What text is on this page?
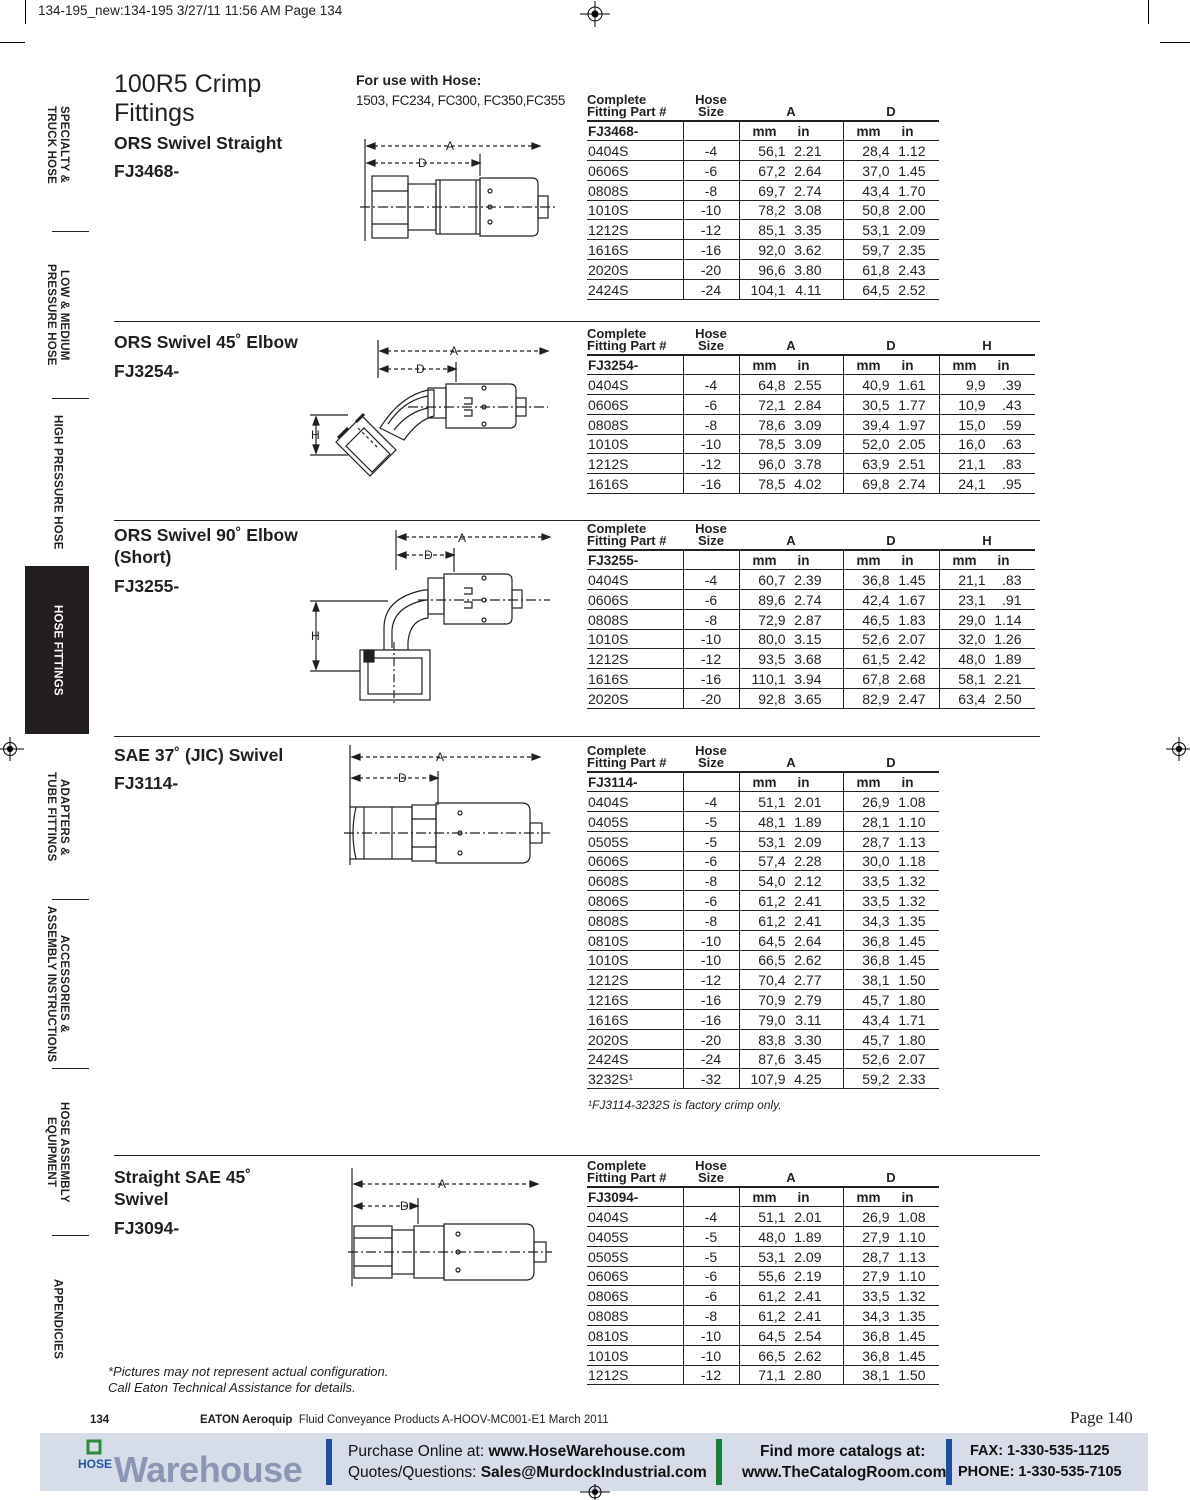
134-195_new:134-195 3/27/11 11:56 AM Page 134
SPECIALTY &
TRUCK HOSE
LOW & MEDIUM
PRESSURE HOSE
HIGH PRESSURE HOSE
HOSE FITTINGS
ADAPTERS &
TUBE FITTINGS
ACCESSORIES &
ASSEMBLY INSTRUCTIONS
HOSE ASSEMBLY
EQUIPMENT
APPENDICIES
100R5 Crimp
Fittings
For use with Hose:
1503, FC234, FC300, FC350,FC355
ORS Swivel Straight
FJ3468-
ORS Swivel 45˚ Elbow
FJ3254-
ORS Swivel 90˚ Elbow
(Short)
FJ3255-
SAE 37˚ (JIC) Swivel
FJ3114-
Straight SAE 45˚
Swivel
FJ3094-
A
D
A
D
H
A
D
H
A
D
A
D
Complete
Fitting Part #	Hose
Size	A	D
FJ3468-		mm in	mm in
0404S	-4	56,1 2.21	28,4 1.12
0606S	-6	67,2 2.64	37,0 1.45
0808S	-8	69,7 2.74	43,4 1.70
1010S	-10	78,2 3.08	50,8 2.00
1212S	-12	85,1 3.35	53,1 2.09
1616S	-16	92,0 3.62	59,7 2.35
2020S	-20	96,6 3.80	61,8 2.43
2424S	-24	104,1 4.11	64,5 2.52
Complete
Fitting Part #	Hose
Size	A	D	H
FJ3254-		mm in	mm in	mm in
0404S	-4	64,8 2.55	40,9 1.61	9,9 .39
0606S	-6	72,1 2.84	30,5 1.77	10,9 .43
0808S	-8	78,6 3.09	39,4 1.97	15,0 .59
1010S	-10	78,5 3.09	52,0 2.05	16,0 .63
1212S	-12	96,0 3.78	63,9 2.51	21,1 .83
1616S	-16	78,5 4.02	69,8 2.74	24,1 .95
Complete
Fitting Part #	Hose
Size	A	D	H
FJ3255-		mm in	mm in	mm in
0404S	-4	60,7 2.39	36,8 1.45	21,1 .83
0606S	-6	89,6 2.74	42,4 1.67	23,1 .91
0808S	-8	72,9 2.87	46,5 1.83	29,0 1.14
1010S	-10	80,0 3.15	52,6 2.07	32,0 1.26
1212S	-12	93,5 3.68	61,5 2.42	48,0 1.89
1616S	-16	110,1 3.94	67,8 2.68	58,1 2.21
2020S	-20	92,8 3.65	82,9 2.47	63,4 2.50
Complete
Fitting Part #	Hose
Size	A	D
FJ3114-		mm in	mm in
0404S	-4	51,1 2.01	26,9 1.08
0405S	-5	48,1 1.89	28,1 1.10
0505S	-5	53,1 2.09	28,7 1.13
0606S	-6	57,4 2.28	30,0 1.18
0608S	-8	54,0 2.12	33,5 1.32
0806S	-6	61,2 2.41	33,5 1.32
0808S	-8	61,2 2.41	34,3 1.35
0810S	-10	64,5 2.64	36,8 1.45
1010S	-10	66,5 2.62	36,8 1.45
1212S	-12	70,4 2.77	38,1 1.50
1216S	-16	70,9 2.79	45,7 1.80
1616S	-16	79,0 3.11	43,4 1.71
2020S	-20	83,8 3.30	45,7 1.80
2424S	-24	87,6 3.45	52,6 2.07
3232S¹	-32	107,9 4.25	59,2 2.33
¹FJ3114-3232S is factory crimp only.
Complete
Fitting Part #	Hose
Size	A	D
FJ3094-		mm in	mm in
0404S	-4	51,1 2.01	26,9 1.08
0405S	-5	48,0 1.89	27,9 1.10
0505S	-5	53,1 2.09	28,7 1.13
0606S	-6	55,6 2.19	27,9 1.10
0806S	-6	61,2 2.41	33,5 1.32
0808S	-8	61,2 2.41	34,3 1.35
0810S	-10	64,5 2.54	36,8 1.45
1010S	-10	66,5 2.62	36,8 1.45
1212S	-12	71,1 2.80	38,1 1.50
*Pictures may not represent actual configuration.
Call Eaton Technical Assistance for details.
134	EATON Aeroquip Fluid Conveyance Products A-HOOV-MC001-E1 March 2011	Page 140
HOSE Warehouse	Purchase Online at: www.HoseWarehouse.com
Quotes/Questions: Sales@MurdockIndustrial.com
Find more catalogs at:
www.TheCatalogRoom.com
FAX: 1-330-535-1125
PHONE: 1-330-535-7105
